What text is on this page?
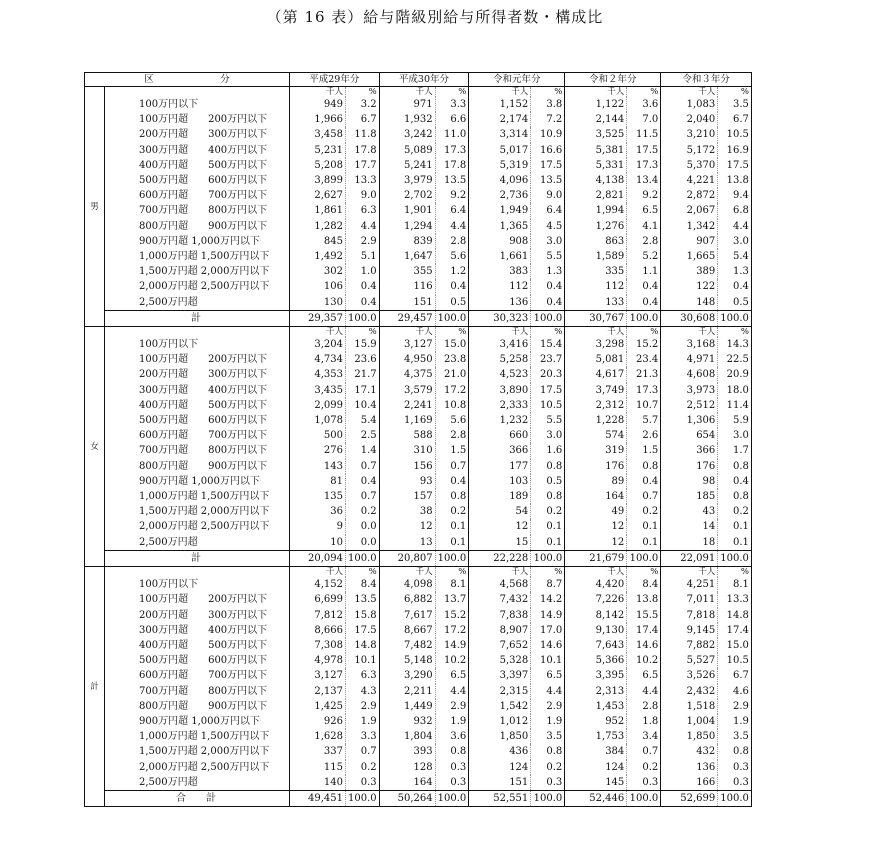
（第 16 表）給与階級別給与所得者数・構成比
区　　　　　　　分		平成29年分		平成30年分		令和元年分		令和２年分		令和３年分	
男		千人	%	千人	%	千人	%	千人	%	千人	%
	100万円以下	949	3.2	971	3.3	1,152	3.8	1,122	3.6	1,083	3.5
	100万円超　　200万円以下	1,966	6.7	1,932	6.6	2,174	7.2	2,144	7.0	2,040	6.7
	200万円超　　300万円以下	3,458	11.8	3,242	11.0	3,314	10.9	3,525	11.5	3,210	10.5
	300万円超　　400万円以下	5,231	17.8	5,089	17.3	5,017	16.6	5,381	17.5	5,172	16.9
	400万円超　　500万円以下	5,208	17.7	5,241	17.8	5,319	17.5	5,331	17.3	5,370	17.5
	500万円超　　600万円以下	3,899	13.3	3,979	13.5	4,096	13.5	4,138	13.4	4,221	13.8
	600万円超　　700万円以下	2,627	9.0	2,702	9.2	2,736	9.0	2,821	9.2	2,872	9.4
	700万円超　　800万円以下	1,861	6.3	1,901	6.4	1,949	6.4	1,994	6.5	2,067	6.8
	800万円超　　900万円以下	1,282	4.4	1,294	4.4	1,365	4.5	1,276	4.1	1,342	4.4
	900万円超 1,000万円以下	845	2.9	839	2.8	908	3.0	863	2.8	907	3.0
	1,000万円超 1,500万円以下	1,492	5.1	1,647	5.6	1,661	5.5	1,589	5.2	1,665	5.4
	1,500万円超 2,000万円以下	302	1.0	355	1.2	383	1.3	335	1.1	389	1.3
	2,000万円超 2,500万円以下	106	0.4	116	0.4	112	0.4	112	0.4	122	0.4
	2,500万円超	130	0.4	151	0.5	136	0.4	133	0.4	148	0.5
	計	29,357	100.0	29,457	100.0	30,323	100.0	30,767	100.0	30,608	100.0
女		千人	%	千人	%	千人	%	千人	%	千人	%
	100万円以下	3,204	15.9	3,127	15.0	3,416	15.4	3,298	15.2	3,168	14.3
	100万円超　　200万円以下	4,734	23.6	4,950	23.8	5,258	23.7	5,081	23.4	4,971	22.5
	200万円超　　300万円以下	4,353	21.7	4,375	21.0	4,523	20.3	4,617	21.3	4,608	20.9
	300万円超　　400万円以下	3,435	17.1	3,579	17.2	3,890	17.5	3,749	17.3	3,973	18.0
	400万円超　　500万円以下	2,099	10.4	2,241	10.8	2,333	10.5	2,312	10.7	2,512	11.4
	500万円超　　600万円以下	1,078	5.4	1,169	5.6	1,232	5.5	1,228	5.7	1,306	5.9
	600万円超　　700万円以下	500	2.5	588	2.8	660	3.0	574	2.6	654	3.0
	700万円超　　800万円以下	276	1.4	310	1.5	366	1.6	319	1.5	366	1.7
	800万円超　　900万円以下	143	0.7	156	0.7	177	0.8	176	0.8	176	0.8
	900万円超 1,000万円以下	81	0.4	93	0.4	103	0.5	89	0.4	98	0.4
	1,000万円超 1,500万円以下	135	0.7	157	0.8	189	0.8	164	0.7	185	0.8
	1,500万円超 2,000万円以下	36	0.2	38	0.2	54	0.2	49	0.2	43	0.2
	2,000万円超 2,500万円以下	9	0.0	12	0.1	12	0.1	12	0.1	14	0.1
	2,500万円超	10	0.0	13	0.1	15	0.1	12	0.1	18	0.1
	計	20,094	100.0	20,807	100.0	22,228	100.0	21,679	100.0	22,091	100.0
計		千人	%	千人	%	千人	%	千人	%	千人	%
	100万円以下	4,152	8.4	4,098	8.1	4,568	8.7	4,420	8.4	4,251	8.1
	100万円超　　200万円以下	6,699	13.5	6,882	13.7	7,432	14.2	7,226	13.8	7,011	13.3
	200万円超　　300万円以下	7,812	15.8	7,617	15.2	7,838	14.9	8,142	15.5	7,818	14.8
	300万円超　　400万円以下	8,666	17.5	8,667	17.2	8,907	17.0	9,130	17.4	9,145	17.4
	400万円超　　500万円以下	7,308	14.8	7,482	14.9	7,652	14.6	7,643	14.6	7,882	15.0
	500万円超　　600万円以下	4,978	10.1	5,148	10.2	5,328	10.1	5,366	10.2	5,527	10.5
	600万円超　　700万円以下	3,127	6.3	3,290	6.5	3,397	6.5	3,395	6.5	3,526	6.7
	700万円超　　800万円以下	2,137	4.3	2,211	4.4	2,315	4.4	2,313	4.4	2,432	4.6
	800万円超　　900万円以下	1,425	2.9	1,449	2.9	1,542	2.9	1,453	2.8	1,518	2.9
	900万円超 1,000万円以下	926	1.9	932	1.9	1,012	1.9	952	1.8	1,004	1.9
	1,000万円超 1,500万円以下	1,628	3.3	1,804	3.6	1,850	3.5	1,753	3.4	1,850	3.5
	1,500万円超 2,000万円以下	337	0.7	393	0.8	436	0.8	384	0.7	432	0.8
	2,000万円超 2,500万円以下	115	0.2	128	0.3	124	0.2	124	0.2	136	0.3
	2,500万円超	140	0.3	164	0.3	151	0.3	145	0.3	166	0.3
	合　　計	49,451	100.0	50,264	100.0	52,551	100.0	52,446	100.0	52,699	100.0
